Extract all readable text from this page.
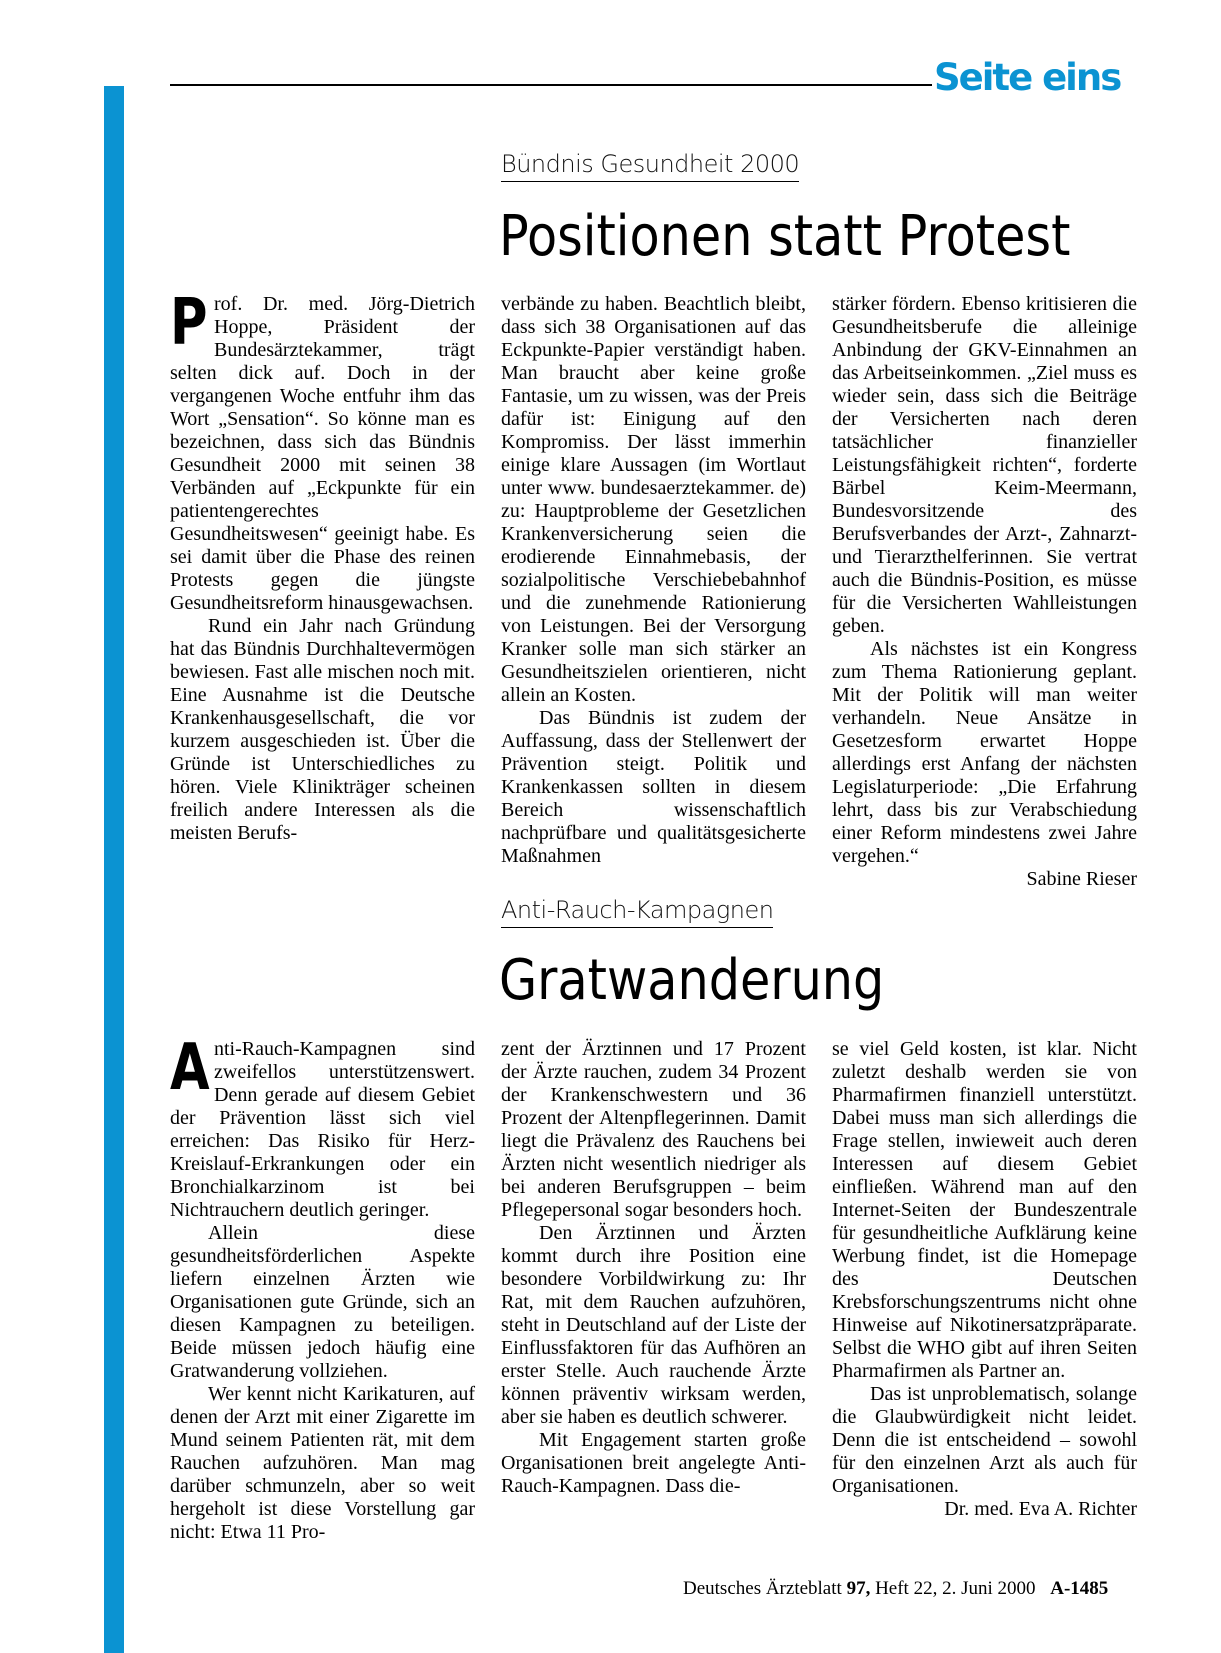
Seite eins
Bündnis Gesundheit 2000
Positionen statt Protest

Prof. Dr. med. Jörg-Dietrich Hoppe, Präsident der Bundesärztekammer, trägt selten dick auf. Doch in der vergangenen Woche entfuhr ihm das Wort „Sensation“. So könne man es bezeichnen, dass sich das Bündnis Gesundheit 2000 mit seinen 38 Verbänden auf „Eckpunkte für ein patientengerechtes Gesundheitswesen“ geeinigt habe. Es sei damit über die Phase des reinen Protests gegen die jüngste Gesundheitsreform hinausgewachsen.

Rund ein Jahr nach Gründung hat das Bündnis Durchhaltevermögen bewiesen. Fast alle mischen noch mit. Eine Ausnahme ist die Deutsche Krankenhausgesellschaft, die vor kurzem ausgeschieden ist. Über die Gründe ist Unterschiedliches zu hören. Viele Klinikträger scheinen freilich andere Interessen als die meisten Berufs-

verbände zu haben. Beachtlich bleibt, dass sich 38 Organisationen auf das Eckpunkte-Papier verständigt haben. Man braucht aber keine große Fantasie, um zu wissen, was der Preis dafür ist: Einigung auf den Kompromiss. Der lässt immerhin einige klare Aussagen (im Wortlaut unter www. bundesaerztekammer. de) zu: Hauptprobleme der Gesetzlichen Krankenversicherung seien die erodierende Einnahmebasis, der sozialpolitische Verschiebebahnhof und die zunehmende Rationierung von Leistungen. Bei der Versorgung Kranker solle man sich stärker an Gesundheitszielen orientieren, nicht allein an Kosten.

Das Bündnis ist zudem der Auffassung, dass der Stellenwert der Prävention steigt. Politik und Krankenkassen sollten in diesem Bereich wissenschaftlich nachprüfbare und qualitätsgesicherte Maßnahmen

stärker fördern. Ebenso kritisieren die Gesundheitsberufe die alleinige Anbindung der GKV-Einnahmen an das Arbeitseinkommen. „Ziel muss es wieder sein, dass sich die Beiträge der Versicherten nach deren tatsächlicher finanzieller Leistungsfähigkeit richten“, forderte Bärbel Keim-Meermann, Bundesvorsitzende des Berufsverbandes der Arzt-, Zahnarzt- und Tierarzthelferinnen. Sie vertrat auch die Bündnis-Position, es müsse für die Versicherten Wahlleistungen geben.

Als nächstes ist ein Kongress zum Thema Rationierung geplant. Mit der Politik will man weiter verhandeln. Neue Ansätze in Gesetzesform erwartet Hoppe allerdings erst Anfang der nächsten Legislaturperiode: „Die Erfahrung lehrt, dass bis zur Verabschiedung einer Reform mindestens zwei Jahre vergehen.“

Sabine Rieser

Anti-Rauch-Kampagnen
Gratwanderung

Anti-Rauch-Kampagnen sind zweifellos unterstützenswert. Denn gerade auf diesem Gebiet der Prävention lässt sich viel erreichen: Das Risiko für Herz-Kreislauf-Erkrankungen oder ein Bronchialkarzinom ist bei Nichtrauchern deutlich geringer.

Allein diese gesundheitsförderlichen Aspekte liefern einzelnen Ärzten wie Organisationen gute Gründe, sich an diesen Kampagnen zu beteiligen. Beide müssen jedoch häufig eine Gratwanderung vollziehen.

Wer kennt nicht Karikaturen, auf denen der Arzt mit einer Zigarette im Mund seinem Patienten rät, mit dem Rauchen aufzuhören. Man mag darüber schmunzeln, aber so weit hergeholt ist diese Vorstellung gar nicht: Etwa 11 Pro-

zent der Ärztinnen und 17 Prozent der Ärzte rauchen, zudem 34 Prozent der Krankenschwestern und 36 Prozent der Altenpflegerinnen. Damit liegt die Prävalenz des Rauchens bei Ärzten nicht wesentlich niedriger als bei anderen Berufsgruppen – beim Pflegepersonal sogar besonders hoch.

Den Ärztinnen und Ärzten kommt durch ihre Position eine besondere Vorbildwirkung zu: Ihr Rat, mit dem Rauchen aufzuhören, steht in Deutschland auf der Liste der Einflussfaktoren für das Aufhören an erster Stelle. Auch rauchende Ärzte können präventiv wirksam werden, aber sie haben es deutlich schwerer.

Mit Engagement starten große Organisationen breit angelegte Anti-Rauch-Kampagnen. Dass die-

se viel Geld kosten, ist klar. Nicht zuletzt deshalb werden sie von Pharmafirmen finanziell unterstützt. Dabei muss man sich allerdings die Frage stellen, inwieweit auch deren Interessen auf diesem Gebiet einfließen. Während man auf den Internet-Seiten der Bundeszentrale für gesundheitliche Aufklärung keine Werbung findet, ist die Homepage des Deutschen Krebsforschungszentrums nicht ohne Hinweise auf Nikotinersatzpräparate. Selbst die WHO gibt auf ihren Seiten Pharmafirmen als Partner an.

Das ist unproblematisch, solange die Glaubwürdigkeit nicht leidet. Denn die ist entscheidend – sowohl für den einzelnen Arzt als auch für Organisationen.

Dr. med. Eva A. Richter

Deutsches Ärzteblatt 97, Heft 22, 2. Juni 2000 A-1485
